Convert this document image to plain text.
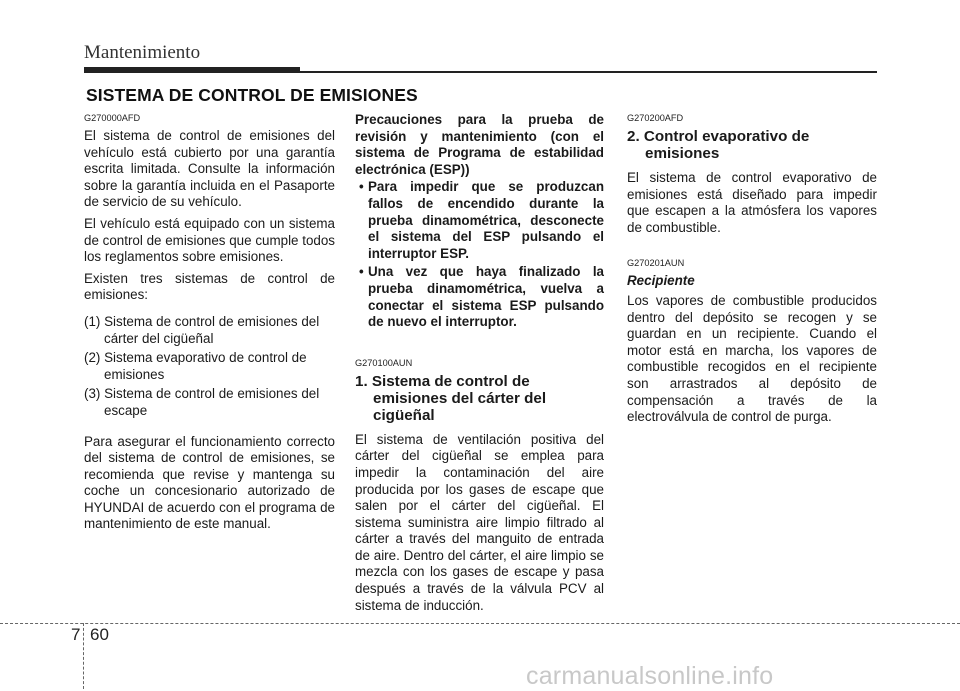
Mantenimiento
SISTEMA DE CONTROL DE EMISIONES
G270000AFD

El sistema de control de emisiones del vehículo está cubierto por una garantía escrita limitada. Consulte la información sobre la garantía incluida en el Pasaporte de servicio de su vehículo.

El vehículo está equipado con un sistema de control de emisiones que cumple todos los reglamentos sobre emisiones.

Existen tres sistemas de control de emisiones:

(1) Sistema de control de emisiones del cárter del cigüeñal
(2) Sistema evaporativo de control de emisiones
(3) Sistema de control de emisiones del escape

Para asegurar el funcionamiento correcto del sistema de control de emisiones, se recomienda que revise y mantenga su coche un concesionario autorizado de HYUNDAI de acuerdo con el programa de mantenimiento de este manual.

Precauciones para la prueba de revisión y mantenimiento (con el sistema de Programa de estabilidad electrónica (ESP))

• Para impedir que se produzcan fallos de encendido durante la prueba dinamométrica, desconecte el sistema del ESP pulsando el interruptor ESP.
• Una vez que haya finalizado la prueba dinamométrica, vuelva a conectar el sistema ESP pulsando de nuevo el interruptor.
G270100AUN
1. Sistema de control de emisiones del cárter del cigüeñal

El sistema de ventilación positiva del cárter del cigüeñal se emplea para impedir la contaminación del aire producida por los gases de escape que salen por el cárter del cigüeñal. El sistema suministra aire limpio filtrado al cárter a través del manguito de entrada de aire. Dentro del cárter, el aire limpio se mezcla con los gases de escape y pasa después a través de la válvula PCV al sistema de inducción.

G270200AFD
2. Control evaporativo de emisiones

El sistema de control evaporativo de emisiones está diseñado para impedir que escapen a la atmósfera los vapores de combustible.

G270201AUN
Recipiente

Los vapores de combustible producidos dentro del depósito se recogen y se guardan en un recipiente. Cuando el motor está en marcha, los vapores de combustible recogidos en el recipiente son arrastrados al depósito de compensación a través de la electroválvula de control de purga.

7 60
carmanualsonline.info
